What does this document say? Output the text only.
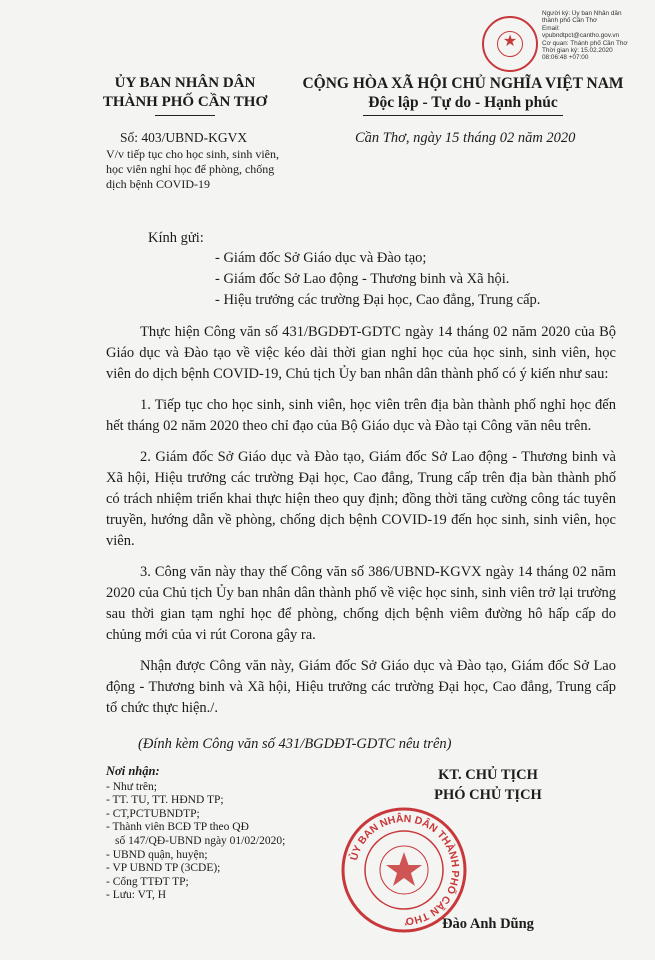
★
Người ký: Ủy ban Nhân dân
thành phố Cần Thơ
Email:
vpubndtpct@cantho.gov.vn
Cơ quan: Thành phố Cần Thơ
Thời gian ký: 15.02.2020
08:06:48 +07:00
ỦY BAN NHÂN DÂN
THÀNH PHỐ CẦN THƠ
CỘNG HÒA XÃ HỘI CHỦ NGHĨA VIỆT NAM
Độc lập - Tự do - Hạnh phúc
Số: 403/UBND-KGVX	Cần Thơ, ngày 15 tháng 02 năm 2020
V/v tiếp tục cho học sinh, sinh viên, học viên nghỉ học để phòng, chống dịch bệnh COVID-19
Kính gửi:
- Giám đốc Sở Giáo dục và Đào tạo;
- Giám đốc Sở Lao động - Thương binh và Xã hội.
- Hiệu trưởng các trường Đại học, Cao đẳng, Trung cấp.

Thực hiện Công văn số 431/BGDĐT-GDTC ngày 14 tháng 02 năm 2020 của Bộ Giáo dục và Đào tạo về việc kéo dài thời gian nghỉ học của học sinh, sinh viên, học viên do dịch bệnh COVID-19, Chủ tịch Ủy ban nhân dân thành phố có ý kiến như sau:

1. Tiếp tục cho học sinh, sinh viên, học viên trên địa bàn thành phố nghỉ học đến hết tháng 02 năm 2020 theo chỉ đạo của Bộ Giáo dục và Đào tại Công văn nêu trên.

2. Giám đốc Sở Giáo dục và Đào tạo, Giám đốc Sở Lao động - Thương binh và Xã hội, Hiệu trưởng các trường Đại học, Cao đẳng, Trung cấp trên địa bàn thành phố có trách nhiệm triển khai thực hiện theo quy định; đồng thời tăng cường công tác tuyên truyền, hướng dẫn về phòng, chống dịch bệnh COVID-19 đến học sinh, sinh viên, học viên.

3. Công văn này thay thế Công văn số 386/UBND-KGVX ngày 14 tháng 02 năm 2020 của Chủ tịch Ủy ban nhân dân thành phố về việc học sinh, sinh viên trở lại trường sau thời gian tạm nghỉ học để phòng, chống dịch bệnh viêm đường hô hấp cấp do chủng mới của vi rút Corona gây ra.

Nhận được Công văn này, Giám đốc Sở Giáo dục và Đào tạo, Giám đốc Sở Lao động - Thương binh và Xã hội, Hiệu trưởng các trường Đại học, Cao đẳng, Trung cấp tổ chức thực hiện./.

(Đính kèm Công văn số 431/BGDĐT-GDTC nêu trên)
Nơi nhận:
- Như trên;
- TT. TU, TT. HĐND TP;
- CT,PCTUBNDTP;
- Thành viên BCĐ TP theo QĐ
số 147/QĐ-UBND ngày 01/02/2020;
- UBND quận, huyện;
- VP UBND TP (3CDE);
- Cổng TTĐT TP;
- Lưu: VT, H
KT. CHỦ TỊCH
PHÓ CHỦ TỊCH
ỦY BAN NHÂN DÂN THÀNH PHỐ CẦN THƠ	Đào Anh Dũng
